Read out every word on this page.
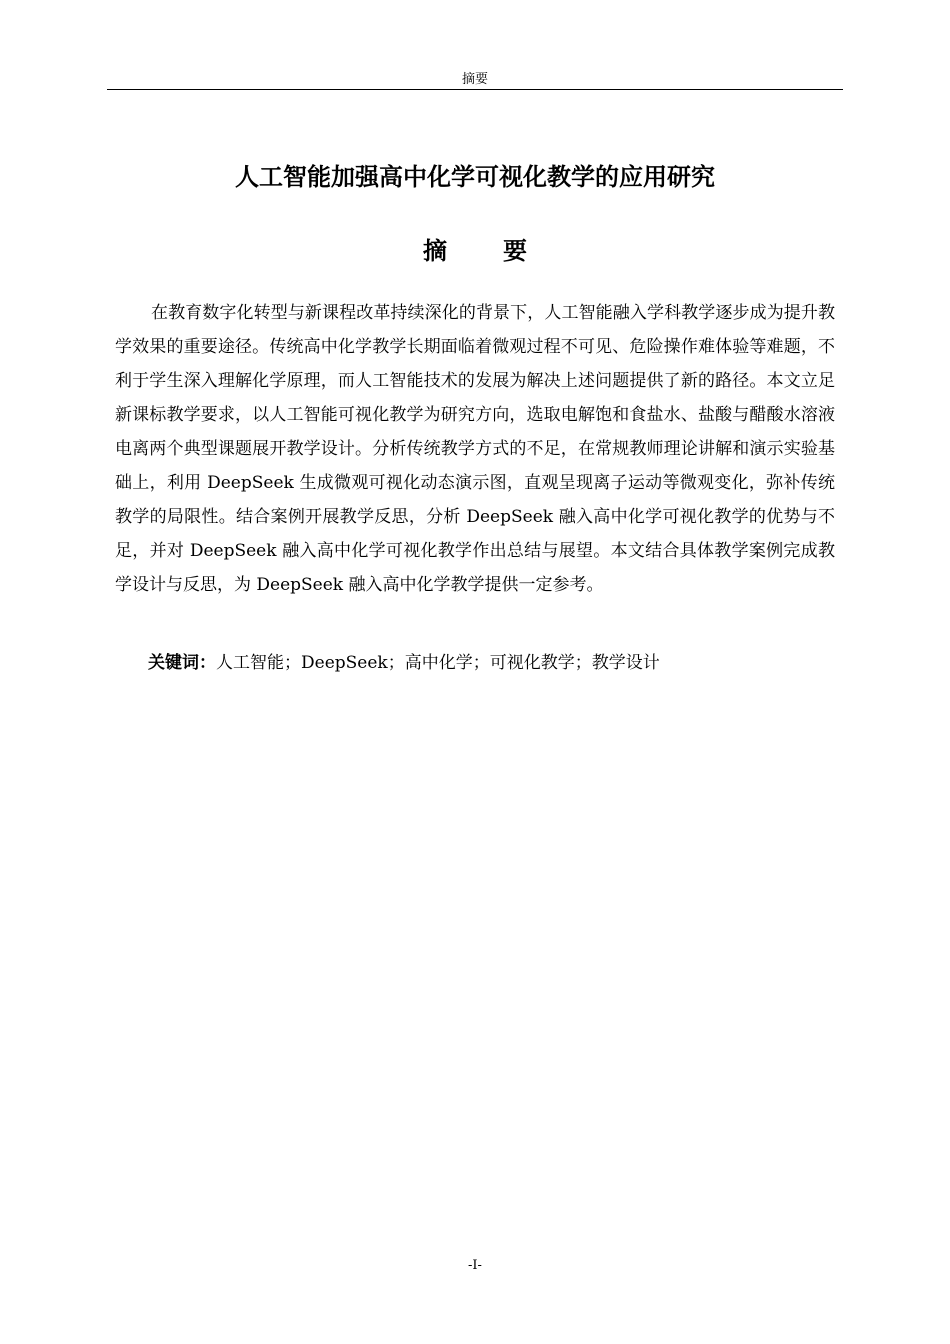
摘要
人工智能加强高中化学可视化教学的应用研究
摘要

在教育数字化转型与新课程改革持续深化的背景下，人工智能融入学科教学逐步成为提升教学效果的重要途径。传统高中化学教学长期面临着微观过程不可见、危险操作难体验等难题，不利于学生深入理解化学原理，而人工智能技术的发展为解决上述问题提供了新的路径。本文立足新课标教学要求，以人工智能可视化教学为研究方向，选取电解饱和食盐水、盐酸与醋酸水溶液电离两个典型课题展开教学设计。分析传统教学方式的不足，在常规教师理论讲解和演示实验基础上，利用 DeepSeek 生成微观可视化动态演示图，直观呈现离子运动等微观变化，弥补传统教学的局限性。结合案例开展教学反思，分析 DeepSeek 融入高中化学可视化教学的优势与不足，并对 DeepSeek 融入高中化学可视化教学作出总结与展望。本文结合具体教学案例完成教学设计与反思，为 DeepSeek 融入高中化学教学提供一定参考。

关键词：人工智能；DeepSeek；高中化学；可视化教学；教学设计

-I-
